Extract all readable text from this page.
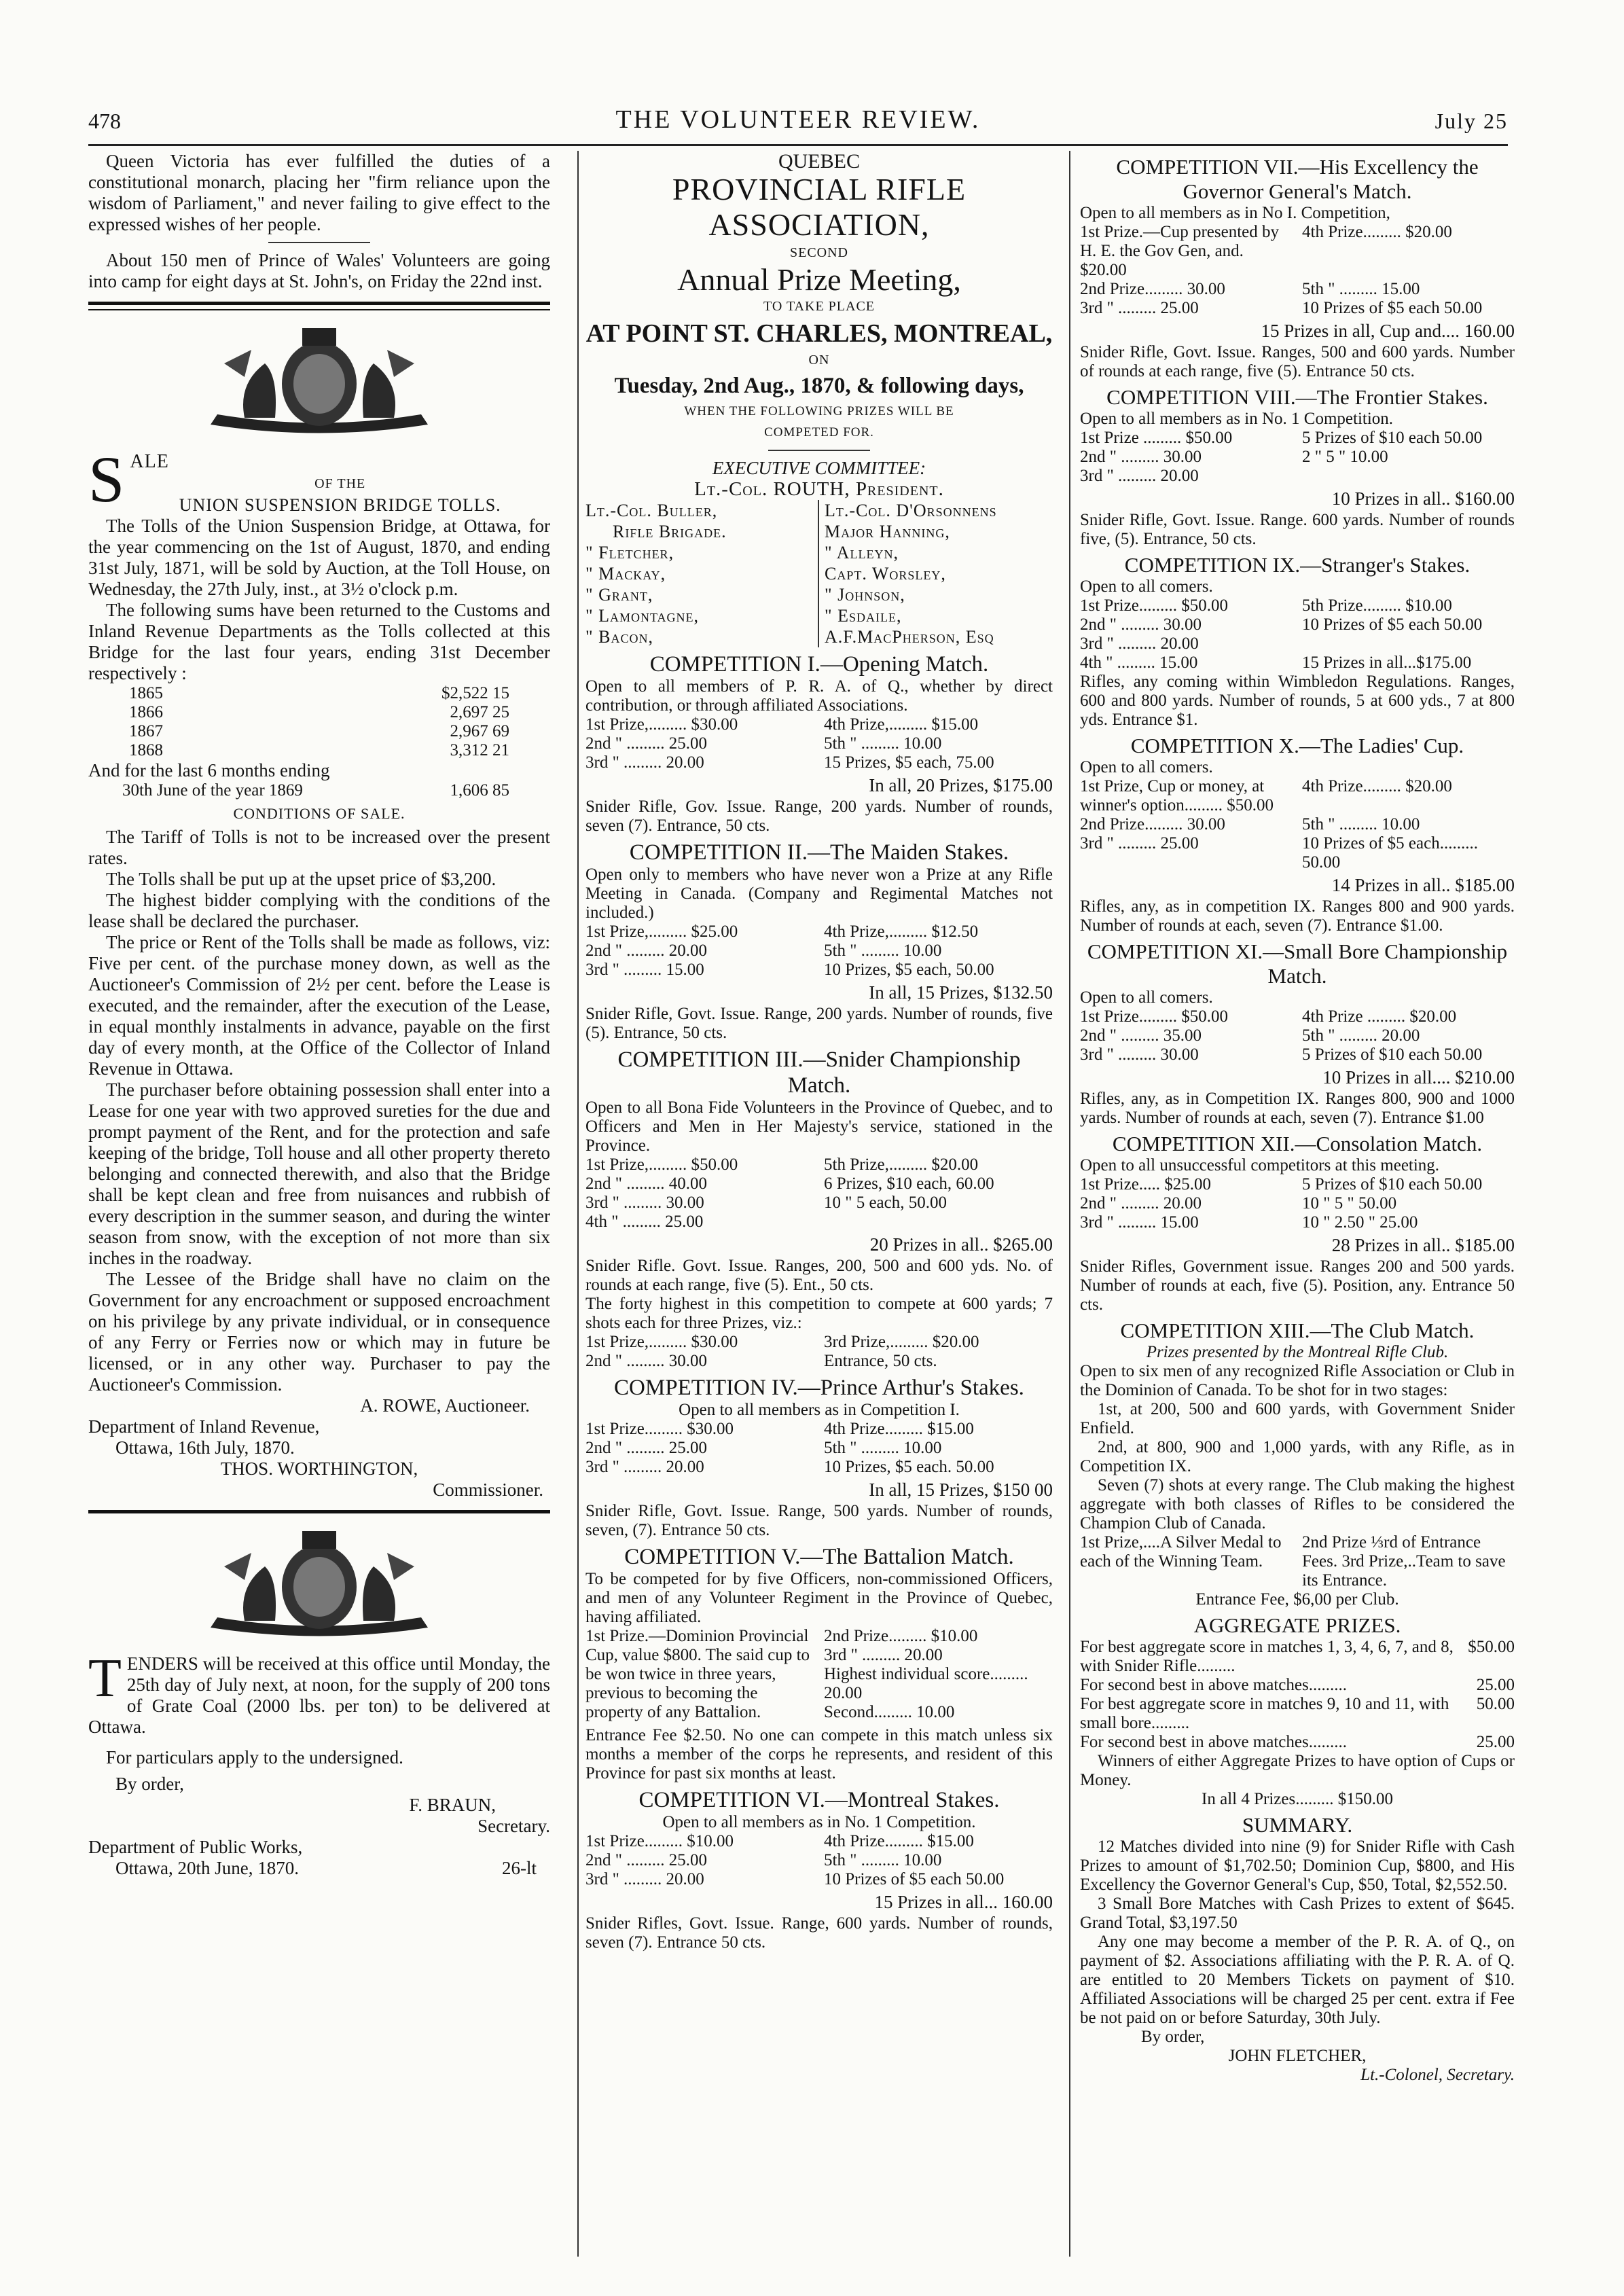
478	THE VOLUNTEER REVIEW.	July 25

Queen Victoria has ever fulfilled the duties of a constitutional monarch, placing her "firm reliance upon the wisdom of Parliament," and never failing to give effect to the expressed wishes of her people.

About 150 men of Prince of Wales' Volunteers are going into camp for eight days at St. John's, on Friday the 22nd inst.

S ALE
OF THE
UNION SUSPENSION BRIDGE TOLLS.

The Tolls of the Union Suspension Bridge, at Ottawa, for the year commencing on the 1st of August, 1870, and ending 31st July, 1871, will be sold by Auction, at the Toll House, on Wednesday, the 27th July, inst., at 3½ o'clock p.m.

The following sums have been returned to the Customs and Inland Revenue Departments as the Tolls collected at this Bridge for the last four years, ending 31st December respectively :

1865	$2,522 15
1866	2,697 25
1867	2,967 69
1868	3,312 21

And for the last 6 months ending

30th June of the year 1869	1,606 85
CONDITIONS OF SALE.

The Tariff of Tolls is not to be increased over the present rates.

The Tolls shall be put up at the upset price of $3,200.

The highest bidder complying with the conditions of the lease shall be declared the purchaser.

The price or Rent of the Tolls shall be made as follows, viz: Five per cent. of the purchase money down, as well as the Auctioneer's Commission of 2½ per cent. before the Lease is executed, and the remainder, after the execution of the Lease, in equal monthly instalments in advance, payable on the first day of every month, at the Office of the Collector of Inland Revenue in Ottawa.

The purchaser before obtaining possession shall enter into a Lease for one year with two approved sureties for the due and prompt payment of the Rent, and for the protection and safe keeping of the bridge, Toll house and all other property thereto belonging and connected therewith, and also that the Bridge shall be kept clean and free from nuisances and rubbish of every description in the summer season, and during the winter season from snow, with the exception of not more than six inches in the roadway.

The Lessee of the Bridge shall have no claim on the Government for any encroachment or supposed encroachment on his privilege by any private individual, or in consequence of any Ferry or Ferries now or which may in future be licensed, or in any other way. Purchaser to pay the Auctioneer's Commission.

A. ROWE, Auctioneer.
Department of Inland Revenue,
Ottawa, 16th July, 1870.
THOS. WORTHINGTON,
Commissioner.
T ENDERS will be received at this office until Monday, the 25th day of July next, at noon, for the supply of 200 tons of Grate Coal (2000 lbs. per ton) to be delivered at Ottawa.

For particulars apply to the undersigned.

By order,
F. BRAUN,
Secretary.
Department of Public Works,
Ottawa, 20th June, 1870.	26-lt
QUEBEC
PROVINCIAL RIFLE ASSOCIATION,
SECOND
Annual Prize Meeting,
TO TAKE PLACE
AT POINT ST. CHARLES, MONTREAL,
ON
Tuesday, 2nd Aug., 1870, & following days,
WHEN THE FOLLOWING PRIZES WILL BE
COMPETED FOR.
EXECUTIVE COMMITTEE:
Lt.-Col. ROUTH, President.
Lt.-Col. Buller,	Lt.-Col. D'Orsonnens
Rifle Brigade.	Major Hanning,
" Fletcher,	" Alleyn,
" Mackay,	Capt. Worsley,
" Grant,	" Johnson,
" Lamontagne,	" Esdaile,
" Bacon,	A.F.MacPherson, Esq
COMPETITION I.—Opening Match.

Open to all members of P. R. A. of Q., whether by direct contribution, or through affiliated Associations.

1st Prize,......... $30.00	4th Prize,......... $15.00
2nd " ......... 25.00	5th " ......... 10.00
3rd " ......... 20.00	15 Prizes, $5 each, 75.00
In all, 20 Prizes, $175.00

Snider Rifle, Gov. Issue. Range, 200 yards. Number of rounds, seven (7). Entrance, 50 cts.

COMPETITION II.—The Maiden Stakes.

Open only to members who have never won a Prize at any Rifle Meeting in Canada. (Company and Regimental Matches not included.)

1st Prize,......... $25.00	4th Prize,......... $12.50
2nd " ......... 20.00	5th " ......... 10.00
3rd " ......... 15.00	10 Prizes, $5 each, 50.00
In all, 15 Prizes, $132.50

Snider Rifle, Govt. Issue. Range, 200 yards. Number of rounds, five (5). Entrance, 50 cts.

COMPETITION III.—Snider Championship Match.

Open to all Bona Fide Volunteers in the Province of Quebec, and to Officers and Men in Her Majesty's service, stationed in the Province.

1st Prize,......... $50.00	5th Prize,......... $20.00
2nd " ......... 40.00	6 Prizes, $10 each, 60.00
3rd " ......... 30.00	10 " 5 each, 50.00
4th " ......... 25.00
20 Prizes in all.. $265.00

Snider Rifle. Govt. Issue. Ranges, 200, 500 and 600 yds. No. of rounds at each range, five (5). Ent., 50 cts.

The forty highest in this competition to compete at 600 yards; 7 shots each for three Prizes, viz.:

1st Prize,......... $30.00	3rd Prize,......... $20.00
2nd " ......... 30.00	Entrance, 50 cts.
COMPETITION IV.—Prince Arthur's Stakes.

Open to all members as in Competition I.

1st Prize......... $30.00	4th Prize......... $15.00
2nd " ......... 25.00	5th " ......... 10.00
3rd " ......... 20.00	10 Prizes, $5 each. 50.00
In all, 15 Prizes, $150 00

Snider Rifle, Govt. Issue. Range, 500 yards. Number of rounds, seven, (7). Entrance 50 cts.

COMPETITION V.—The Battalion Match.

To be competed for by five Officers, non-commissioned Officers, and men of any Volunteer Regiment in the Province of Quebec, having affiliated.

1st Prize.—Dominion Provincial Cup, value $800. The said cup to be won twice in three years, previous to becoming the property of any Battalion.
2nd Prize......... $10.00
3rd " ......... 20.00
Highest individual score......... 20.00
Second......... 10.00

Entrance Fee $2.50. No one can compete in this match unless six months a member of the corps he represents, and resident of this Province for past six months at least.

COMPETITION VI.—Montreal Stakes.

Open to all members as in No. 1 Competition.

1st Prize......... $10.00	4th Prize......... $15.00
2nd " ......... 25.00	5th " ......... 10.00
3rd " ......... 20.00	10 Prizes of $5 each 50.00
15 Prizes in all... 160.00

Snider Rifles, Govt. Issue. Range, 600 yards. Number of rounds, seven (7). Entrance 50 cts.

COMPETITION VII.—His Excellency the Governor General's Match.

Open to all members as in No I. Competition,

1st Prize.—Cup presented by H. E. the Gov Gen, and. $20.00
4th Prize......... $20.00
2nd Prize......... 30.00	5th " ......... 15.00
3rd " ......... 25.00	10 Prizes of $5 each 50.00
15 Prizes in all, Cup and.... 160.00

Snider Rifle, Govt. Issue. Ranges, 500 and 600 yards. Number of rounds at each range, five (5). Entrance 50 cts.

COMPETITION VIII.—The Frontier Stakes.

Open to all members as in No. 1 Competition.

1st Prize ......... $50.00	5 Prizes of $10 each 50.00
2nd " ......... 30.00	2 " 5 " 10.00
3rd " ......... 20.00
10 Prizes in all.. $160.00

Snider Rifle, Govt. Issue. Range. 600 yards. Number of rounds five, (5). Entrance, 50 cts.

COMPETITION IX.—Stranger's Stakes.

Open to all comers.

1st Prize......... $50.00	5th Prize......... $10.00
2nd " ......... 30.00	10 Prizes of $5 each 50.00
3rd " ......... 20.00
4th " ......... 15.00	15 Prizes in all...$175.00

Rifles, any coming within Wimbledon Regulations. Ranges, 600 and 800 yards. Number of rounds, 5 at 600 yds., 7 at 800 yds. Entrance $1.

COMPETITION X.—The Ladies' Cup.

Open to all comers.

1st Prize, Cup or money, at winner's option......... $50.00
4th Prize......... $20.00
2nd Prize......... 30.00	5th " ......... 10.00
3rd " ......... 25.00	10 Prizes of $5 each......... 50.00
14 Prizes in all.. $185.00

Rifles, any, as in competition IX. Ranges 800 and 900 yards. Number of rounds at each, seven (7). Entrance $1.00.

COMPETITION XI.—Small Bore Championship Match.

Open to all comers.

1st Prize......... $50.00	4th Prize ......... $20.00
2nd " ......... 35.00	5th " ......... 20.00
3rd " ......... 30.00	5 Prizes of $10 each 50.00
10 Prizes in all.... $210.00

Rifles, any, as in Competition IX. Ranges 800, 900 and 1000 yards. Number of rounds at each, seven (7). Entrance $1.00

COMPETITION XII.—Consolation Match.

Open to all unsuccessful competitors at this meeting.

1st Prize..... $25.00	5 Prizes of $10 each 50.00
2nd " ......... 20.00	10 " 5 " 50.00
3rd " ......... 15.00	10 " 2.50 " 25.00
28 Prizes in all.. $185.00

Snider Rifles, Government issue. Ranges 200 and 500 yards. Number of rounds at each, five (5). Position, any. Entrance 50 cts.

COMPETITION XIII.—The Club Match.
Prizes presented by the Montreal Rifle Club.

Open to six men of any recognized Rifle Association or Club in the Dominion of Canada. To be shot for in two stages:

1st, at 200, 500 and 600 yards, with Government Snider Enfield.

2nd, at 800, 900 and 1,000 yards, with any Rifle, as in Competition IX.

Seven (7) shots at every range. The Club making the highest aggregate with both classes of Rifles to be considered the Champion Club of Canada.

1st Prize,....A Silver Medal to each of the Winning Team.
2nd Prize ⅓rd of Entrance Fees. 3rd Prize,..Team to save its Entrance.
Entrance Fee, $6,00 per Club.
AGGREGATE PRIZES.
For best aggregate score in matches 1, 3, 4, 6, 7, and 8, with Snider Rifle.........
$50.00
For second best in above matches.........	25.00
For best aggregate score in matches 9, 10 and 11, with small bore.........
50.00
For second best in above matches.........	25.00

Winners of either Aggregate Prizes to have option of Cups or Money.

In all 4 Prizes......... $150.00
SUMMARY.

12 Matches divided into nine (9) for Snider Rifle with Cash Prizes to amount of $1,702.50; Dominion Cup, $800, and His Excellency the Governor General's Cup, $50, Total, $2,552.50.

3 Small Bore Matches with Cash Prizes to extent of $645. Grand Total, $3,197.50

Any one may become a member of the P. R. A. of Q., on payment of $2. Associations affiliating with the P. R. A. of Q. are entitled to 20 Members Tickets on payment of $10. Affiliated Associations will be charged 25 per cent. extra if Fee be not paid on or before Saturday, 30th July.

By order,
JOHN FLETCHER,
Lt.-Colonel, Secretary.
